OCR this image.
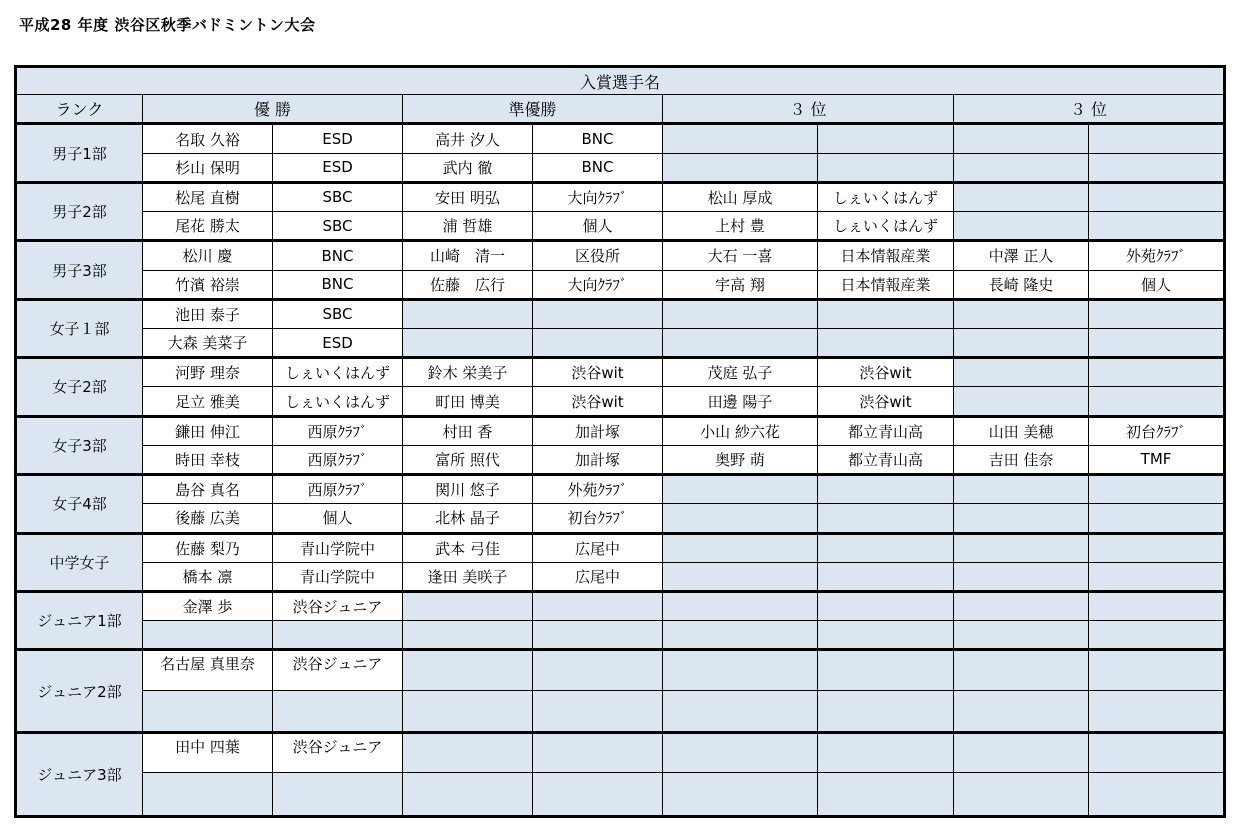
平成28 年度 渋谷区秋季バドミントン大会
入賞選手名								
ランク	優 勝		準優勝		３ 位		３ 位	
男子1部	名取 久裕	ESD	高井 汐人	BNC				
	杉山 保明	ESD	武内 徹	BNC				
男子2部	松尾 直樹	SBC	安田 明弘	大向ｸﾗﾌﾞ	松山 厚成	しぇいくはんず		
	尾花 勝太	SBC	浦 哲雄	個人	上村 豊	しぇいくはんず		
男子3部	松川 慶	BNC	山崎　清一	区役所	大石 一喜	日本情報産業	中澤 正人	外苑ｸﾗﾌﾞ
	竹濱 裕崇	BNC	佐藤　広行	大向ｸﾗﾌﾞ	宇高 翔	日本情報産業	長崎 隆史	個人
女子１部	池田 泰子	SBC						
	大森 美菜子	ESD						
女子2部	河野 理奈	しぇいくはんず	鈴木 栄美子	渋谷wit	茂庭 弘子	渋谷wit		
	足立 雅美	しぇいくはんず	町田 博美	渋谷wit	田邊 陽子	渋谷wit		
女子3部	鎌田 伸江	西原ｸﾗﾌﾞ	村田 香	加計塚	小山 紗六花	都立青山高	山田 美穂	初台ｸﾗﾌﾞ
	時田 幸枝	西原ｸﾗﾌﾞ	富所 照代	加計塚	奥野 萌	都立青山高	吉田 佳奈	TMF
女子4部	島谷 真名	西原ｸﾗﾌﾞ	関川 悠子	外苑ｸﾗﾌﾞ				
	後藤 広美	個人	北林 晶子	初台ｸﾗﾌﾞ				
中学女子	佐藤 梨乃	青山学院中	武本 弓佳	広尾中				
	橋本 凛	青山学院中	逢田 美咲子	広尾中				
ジュニア1部	金澤 歩	渋谷ジュニア						

ジュニア2部	名古屋 真里奈	渋谷ジュニア						

ジュニア3部	田中 四葉	渋谷ジュニア						
